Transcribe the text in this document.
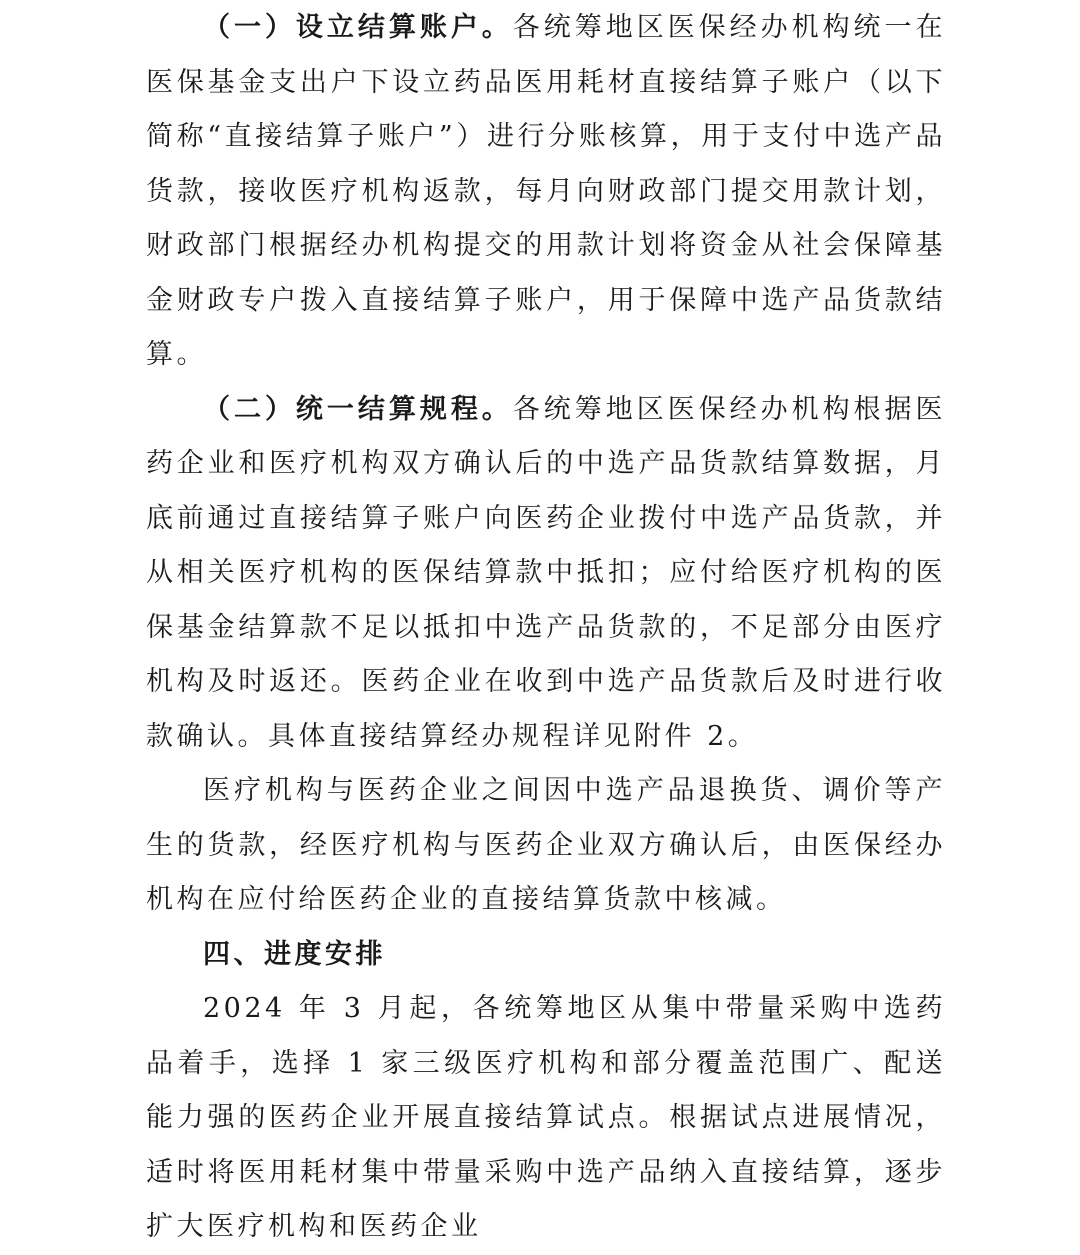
（一）设立结算账户。各统筹地区医保经办机构统一在医保基金支出户下设立药品医用耗材直接结算子账户（以下简称“直接结算子账户”）进行分账核算，用于支付中选产品货款，接收医疗机构返款，每月向财政部门提交用款计划，财政部门根据经办机构提交的用款计划将资金从社会保障基金财政专户拨入直接结算子账户，用于保障中选产品货款结算。

（二）统一结算规程。各统筹地区医保经办机构根据医药企业和医疗机构双方确认后的中选产品货款结算数据，月底前通过直接结算子账户向医药企业拨付中选产品货款，并从相关医疗机构的医保结算款中抵扣；应付给医疗机构的医保基金结算款不足以抵扣中选产品货款的，不足部分由医疗机构及时返还。医药企业在收到中选产品货款后及时进行收款确认。具体直接结算经办规程详见附件 2。

医疗机构与医药企业之间因中选产品退换货、调价等产生的货款，经医疗机构与医药企业双方确认后，由医保经办机构在应付给医药企业的直接结算货款中核减。

四、进度安排

2024 年 3 月起，各统筹地区从集中带量采购中选药品着手，选择 1 家三级医疗机构和部分覆盖范围广、配送能力强的医药企业开展直接结算试点。根据试点进展情况，适时将医用耗材集中带量采购中选产品纳入直接结算，逐步扩大医疗机构和医药企业
